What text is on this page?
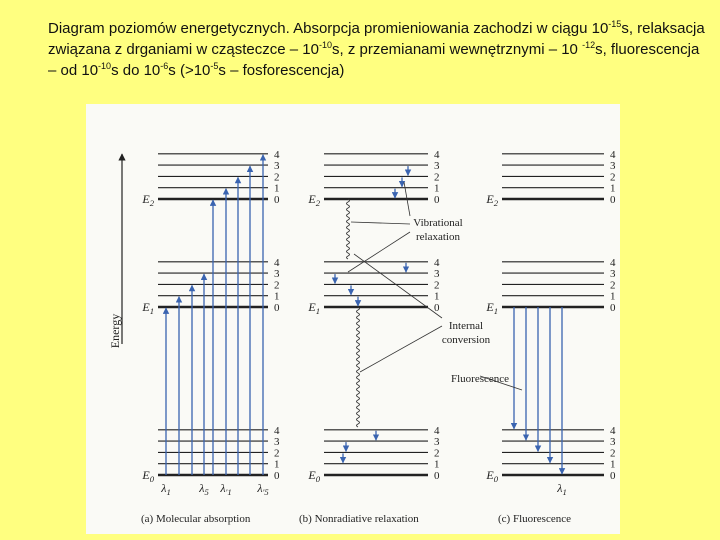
Diagram poziomów energetycznych. Absorpcja promieniowania zachodzi w ciągu $10^{-15}s$, relaksacja związana z drganiami w cząsteczce – $10^{-10}s$, z przemianami wewnętrznymi – 10 $^{-12}$s, fluorescencja – od $10^{-10}s$ do $10^{-6}s$ ($>10^{-5}s$ – fosforescencja)
Energy
0
1
2
3
4
$E_2$
0
1
2
3
4
$E_1$
0
1
2
3
4
$E_0$
0
1
2
3
4
$E_2$
0
1
2
3
4
$E_1$
0
1
2
3
4
$E_0$
0
1
2
3
4
$E_2$
0
1
2
3
4
$E_1$
0
1
2
3
4
$E_0$
(a) Molecular absorption	(b) Nonradiative relaxation	(c) Fluorescence
$\lambda_1$ $\lambda_5$ $\lambda_{'1}$ $\lambda_{'5}$
Vibrational
relaxation
Internal
conversion
Fluorescence
$\lambda_1$
